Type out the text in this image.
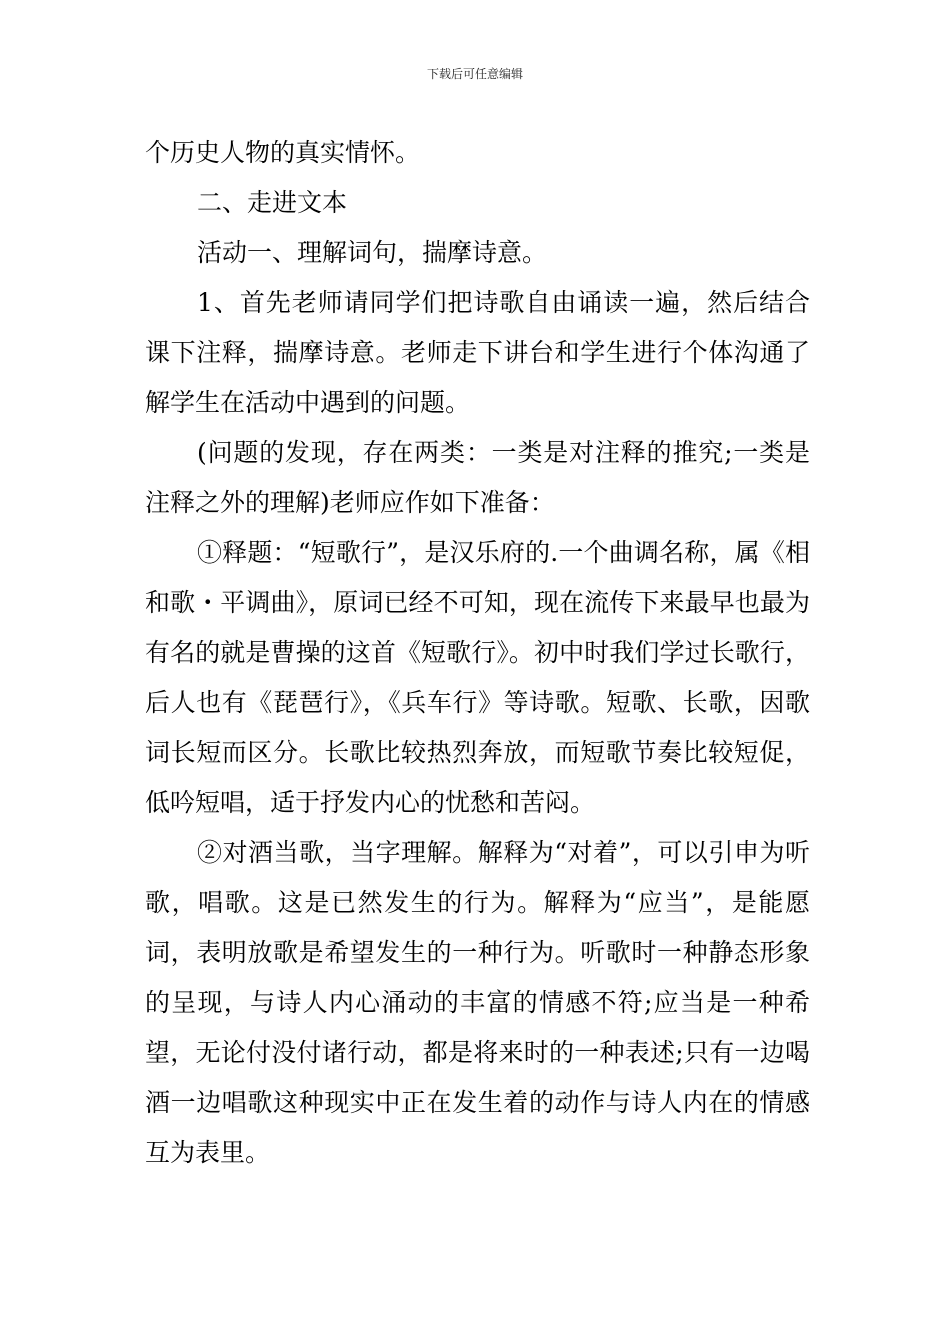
下载后可任意编辑

个历史人物的真实情怀。

二、走进文本

活动一、理解词句，揣摩诗意。

1、首先老师请同学们把诗歌自由诵读一遍，然后结合课下注释，揣摩诗意。老师走下讲台和学生进行个体沟通了解学生在活动中遇到的问题。

(问题的发现，存在两类：一类是对注释的推究;一类是注释之外的理解)老师应作如下准备：

①释题：“短歌行”，是汉乐府的.一个曲调名称，属《相和歌・平调曲》，原词已经不可知，现在流传下来最早也最为有名的就是曹操的这首《短歌行》。初中时我们学过长歌行，后人也有《琵琶行》，《兵车行》等诗歌。短歌、长歌，因歌词长短而区分。长歌比较热烈奔放，而短歌节奏比较短促，低吟短唱，适于抒发内心的忧愁和苦闷。

②对酒当歌，当字理解。解释为“对着”，可以引申为听歌，唱歌。这是已然发生的行为。解释为“应当”，是能愿词，表明放歌是希望发生的一种行为。听歌时一种静态形象的呈现，与诗人内心涌动的丰富的情感不符;应当是一种希望，无论付没付诸行动，都是将来时的一种表述;只有一边喝酒一边唱歌这种现实中正在发生着的动作与诗人内在的情感互为表里。
